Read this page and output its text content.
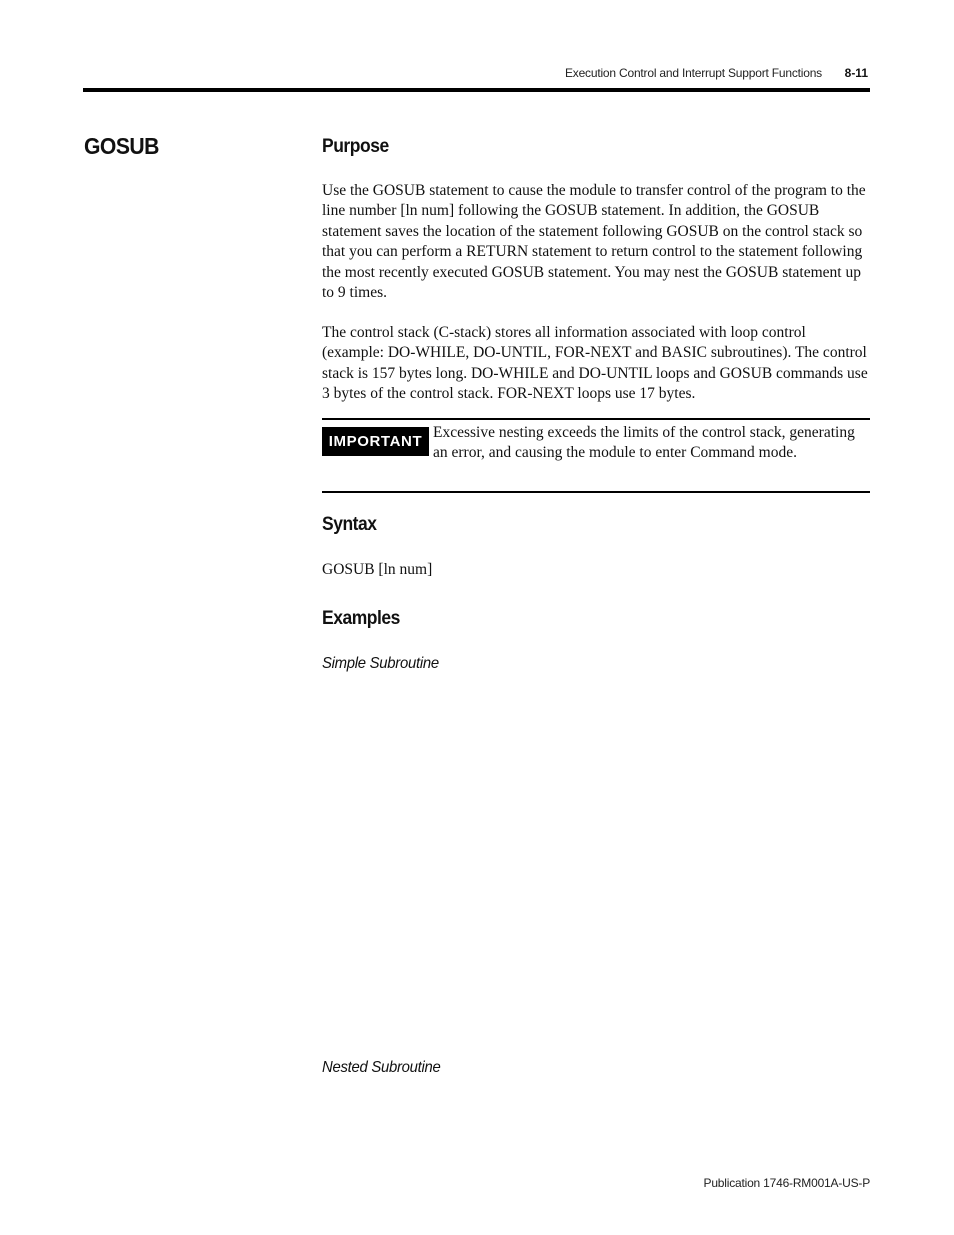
Execution Control and Interrupt Support Functions 8-11
GOSUB	Purpose

Use the GOSUB statement to cause the module to transfer control of the program to the line number [ln num] following the GOSUB statement. In addition, the GOSUB statement saves the location of the statement following GOSUB on the control stack so that you can perform a RETURN statement to return control to the statement following the most recently executed GOSUB statement. You may nest the GOSUB statement up to 9 times.

The control stack (C-stack) stores all information associated with loop control (example: DO-WHILE, DO-UNTIL, FOR-NEXT and BASIC subroutines). The control stack is 157 bytes long. DO-WHILE and DO-UNTIL loops and GOSUB commands use 3 bytes of the control stack. FOR-NEXT loops use 17 bytes.

IMPORTANT
Excessive nesting exceeds the limits of the control stack, generating an error, and causing the module to enter Command mode.
Syntax

GOSUB [ln num]

Examples

Simple Subroutine

Nested Subroutine

Publication 1746-RM001A-US-P
